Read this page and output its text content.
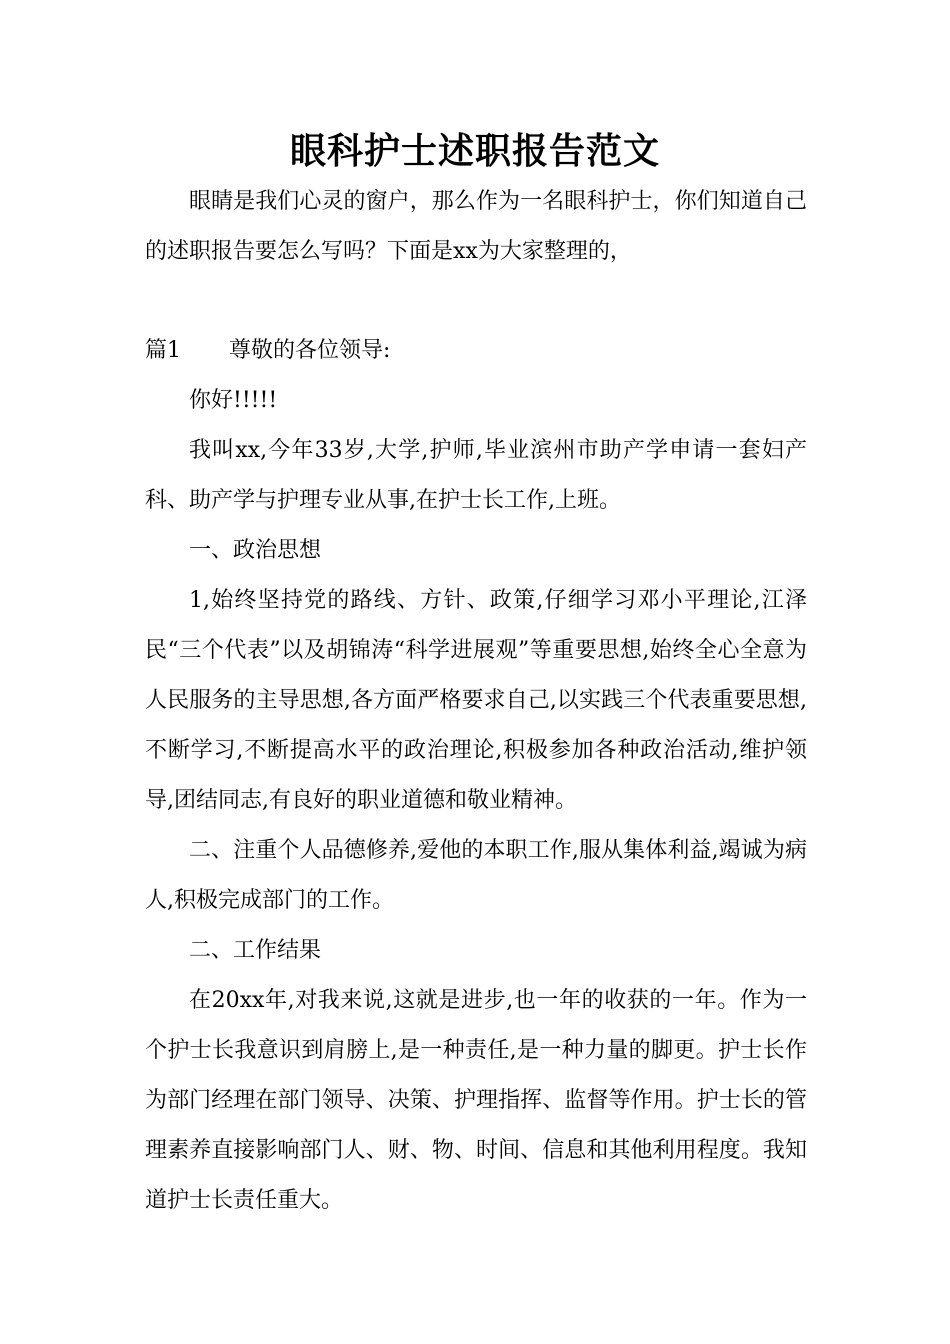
眼科护士述职报告范文

眼睛是我们心灵的窗户，那么作为一名眼科护士，你们知道自己的述职报告要怎么写吗？下面是xx为大家整理的，

篇1 尊敬的各位领导:

你好!!!!!

我叫xx,今年33岁,大学,护师,毕业滨州市助产学申请一套妇产科、助产学与护理专业从事,在护士长工作,上班。

一、政治思想

1,始终坚持党的路线、方针、政策,仔细学习邓小平理论,江泽民“三个代表”以及胡锦涛“科学进展观”等重要思想,始终全心全意为人民服务的主导思想,各方面严格要求自己,以实践三个代表重要思想,不断学习,不断提高水平的政治理论,积极参加各种政治活动,维护领导,团结同志,有良好的职业道德和敬业精神。

二、注重个人品德修养,爱他的本职工作,服从集体利益,竭诚为病人,积极完成部门的工作。

二、工作结果

在20xx年,对我来说,这就是进步,也一年的收获的一年。作为一个护士长我意识到肩膀上,是一种责任,是一种力量的脚更。护士长作为部门经理在部门领导、决策、护理指挥、监督等作用。护士长的管理素养直接影响部门人、财、物、时间、信息和其他利用程度。我知道护士长责任重大。
